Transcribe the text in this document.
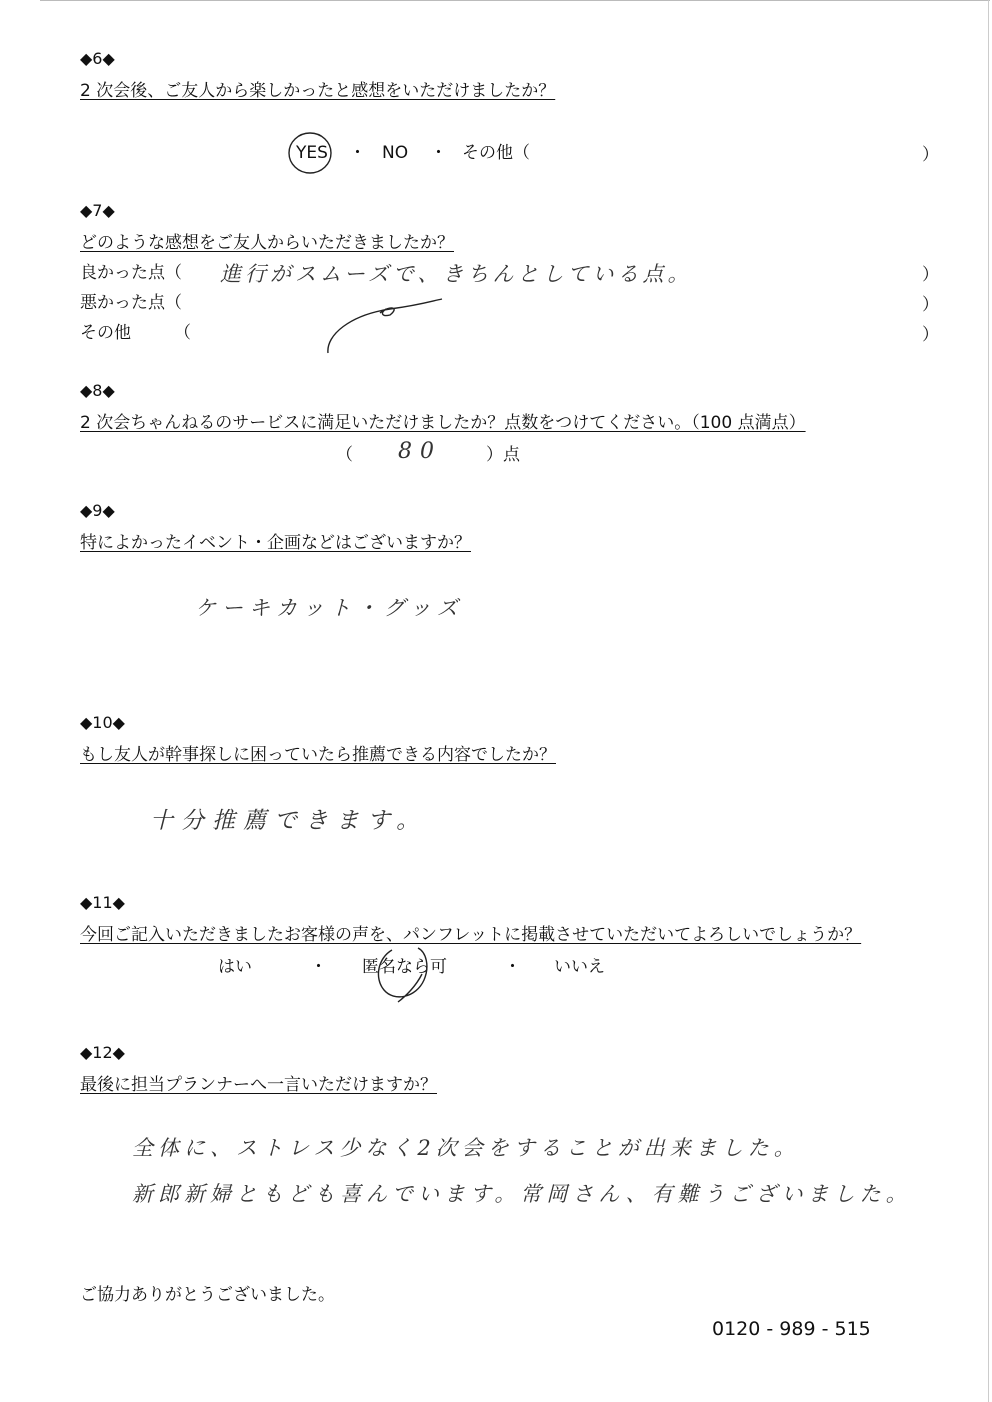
◆6◆
2 次会後、ご友人から楽しかったと感想をいただけましたか？
YES ・ NO ・ その他（	）
◆7◆
どのような感想をご友人からいただきましたか？
良かった点（ 進行がスムーズで、きちんとしている点。	）
悪かった点（	）
その他	（	）
◆8◆
2 次会ちゃんねるのサービスに満足いただけましたか？点数をつけてください。（100 点満点）
（ 80	）点
◆9◆
特によかったイベント・企画などはございますか？
ケーキカット・グッズ
◆10◆
もし友人が幹事探しに困っていたら推薦できる内容でしたか？
十分推薦できます。
◆11◆
今回ご記入いただきましたお客様の声を、パンフレットに掲載させていただいてよろしいでしょうか？
はい	・ 匿名なら可	・ いいえ
◆12◆
最後に担当プランナーへ一言いただけますか？
全体に、ストレス少なく2次会をすることが出来ました。
新郎新婦ともども喜んでいます。常岡さん、有難うございました。
ご協力ありがとうございました。
0120 - 989 - 515
